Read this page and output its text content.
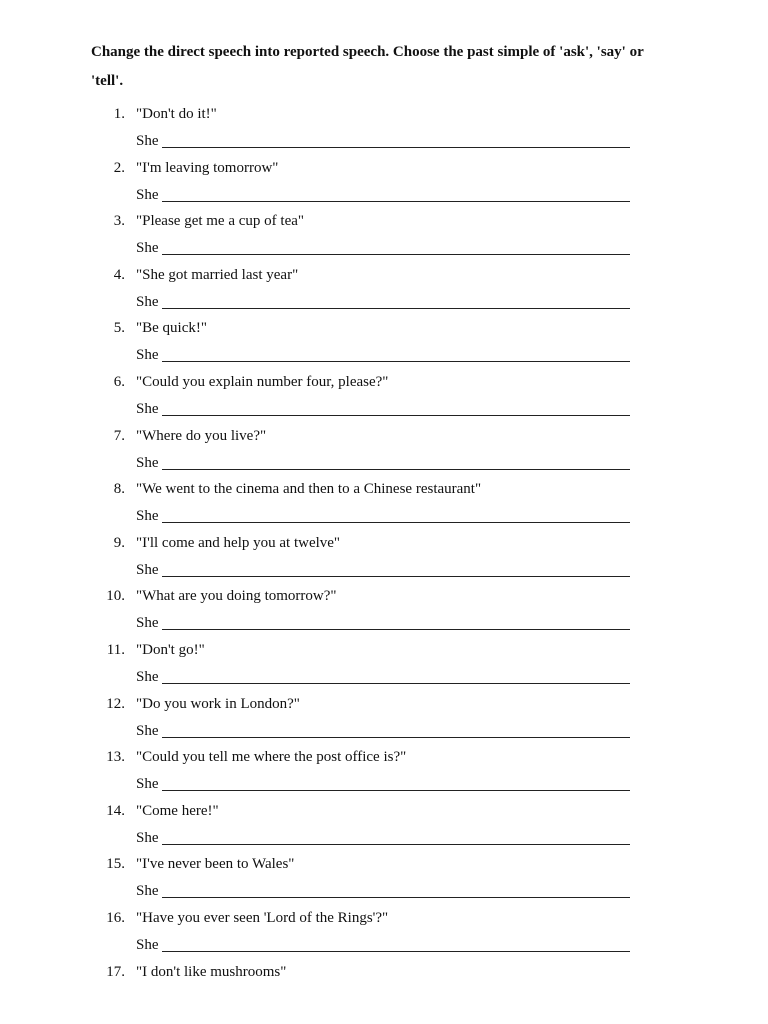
Change the direct speech into reported speech. Choose the past simple of 'ask', 'say' or 'tell'.
1. "Don't do it!"
She
2. "I'm leaving tomorrow"
She
3. "Please get me a cup of tea"
She
4. "She got married last year"
She
5. "Be quick!"
She
6. "Could you explain number four, please?"
She
7. "Where do you live?"
She
8. "We went to the cinema and then to a Chinese restaurant"
She
9. "I'll come and help you at twelve"
She
10. "What are you doing tomorrow?"
She
11. "Don't go!"
She
12. "Do you work in London?"
She
13. "Could you tell me where the post office is?"
She
14. "Come here!"
She
15. "I've never been to Wales"
She
16. "Have you ever seen 'Lord of the Rings'?"
She
17. "I don't like mushrooms"
